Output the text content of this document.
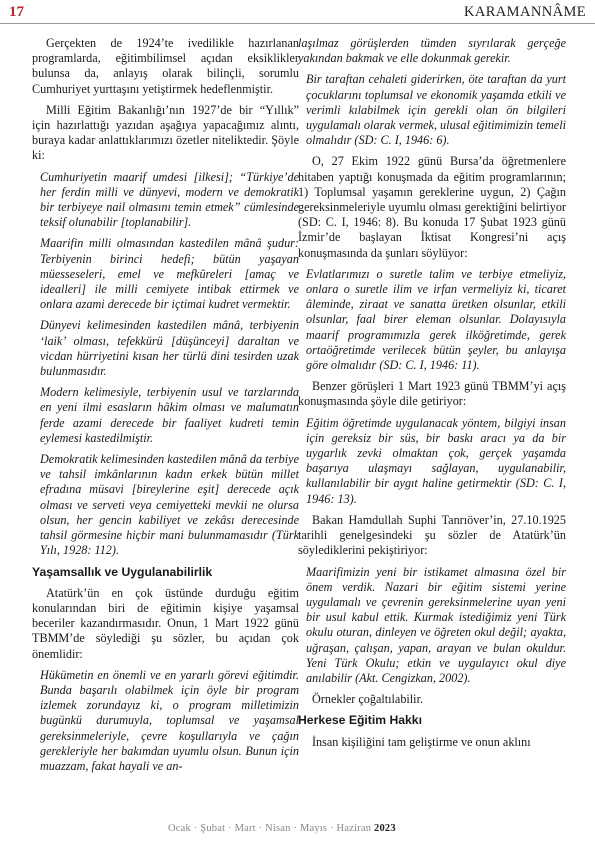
17	KARAMANNÂME

Gerçekten de 1924’te ivedilikle hazırlanan programlarda, eğitimbilimsel açıdan eksiklikler bulunsa da, anlayış olarak bilinçli, sorumlu Cumhuriyet yurttaşını yetiştirmek hedeflenmiştir.

Milli Eğitim Bakanlığı’nın 1927’de bir “Yıllık” için hazırlattığı yazıdan aşağıya yapacağımız alıntı, buraya kadar anlattıklarımızı özetler niteliktedir. Şöyle ki:

Cumhuriyetin maarif umdesi [ilkesi]; “Türkiye’de her ferdin milli ve dünyevi, modern ve demokratik bir terbiyeye nail olmasını temin etmek” cümlesinde teksif olunabilir [toplanabilir].

Maarifin milli olmasından kastedilen mânâ şudur: Terbiyenin birinci hedefi; bütün yaşayan müesseseleri, emel ve mefkûreleri [amaç ve idealleri] ile milli cemiyete intibak ettirmek ve onlara azami derecede bir içtimai kudret vermektir.

Dünyevi kelimesinden kastedilen mânâ, terbiyenin ‘laik’ olması, tefekkürü [düşünceyi] daraltan ve vicdan hürriyetini kısan her türlü dini tesirden uzak bulunmasıdır.

Modern kelimesiyle, terbiyenin usul ve tarzlarında en yeni ilmi esasların hâkim olması ve malumatın ferde azami derecede bir faaliyet kudreti temin eylemesi kastedilmiştir.

Demokratik kelimesinden kastedilen mânâ da terbiye ve tahsil imkânlarının kadın erkek bütün millet efradına müsavi [bireylerine eşit] derecede açık olması ve serveti veya cemiyetteki mevkii ne olursa olsun, her gencin kabiliyet ve zekâsı derecesinde tahsil görmesine hiçbir mani bulunmamasıdır (Türk Yılı, 1928: 112).

Yaşamsallık ve Uygulanabilirlik

Atatürk’ün en çok üstünde durduğu eğitim konularından biri de eğitimin kişiye yaşamsal beceriler kazandırmasıdır. Onun, 1 Mart 1922 günü TBMM’de söylediği şu sözler, bu açıdan çok önemlidir:

Hükümetin en önemli ve en yararlı görevi eğitimdir. Bunda başarılı olabilmek için öyle bir program izlemek zorundayız ki, o program milletimizin bugünkü durumuyla, toplumsal ve yaşamsal gereksinmeleriyle, çevre koşullarıyla ve çağın gerekleriyle her bakımdan uyumlu olsun. Bunun için muazzam, fakat hayali ve an-

laşılmaz görüşlerden tümden sıyrılarak gerçeğe yakından bakmak ve elle dokunmak gerekir.

Bir taraftan cehaleti giderirken, öte taraftan da yurt çocuklarını toplumsal ve ekonomik yaşamda etkili ve verimli kılabilmek için gerekli olan ön bilgileri uygulamalı olarak vermek, ulusal eğitimimizin temeli olmalıdır (SD: C. I, 1946: 6).

O, 27 Ekim 1922 günü Bursa’da öğretmenlere hitaben yaptığı konuşmada da eğitim programlarının; 1) Toplumsal yaşamın gereklerine uygun, 2) Çağın gereksinmeleriyle uyumlu olması gerektiğini belirtiyor (SD: C. I, 1946: 8). Bu konuda 17 Şubat 1923 günü İzmir’de başlayan İktisat Kongresi’ni açış konuşmasında da şunları söylüyor:

Evlatlarımızı o suretle talim ve terbiye etmeliyiz, onlara o suretle ilim ve irfan vermeliyiz ki, ticaret âleminde, ziraat ve sanatta üretken olsunlar, etkili olsunlar, faal birer eleman olsunlar. Dolayısıyla maarif programımızla gerek ilköğretimde, gerek ortaöğretimde verilecek bütün şeyler, bu anlayışa göre olmalıdır (SD: C. I, 1946: 11).

Benzer görüşleri 1 Mart 1923 günü TBMM’yi açış konuşmasında şöyle dile getiriyor:

Eğitim öğretimde uygulanacak yöntem, bilgiyi insan için gereksiz bir süs, bir baskı aracı ya da bir uygarlık zevki olmaktan çok, gerçek yaşamda başarıya ulaşmayı sağlayan, uygulanabilir, kullanılabilir bir aygıt haline getirmektir (SD: C. I, 1946: 13).

Bakan Hamdullah Suphi Tanrıöver’in, 27.10.1925 tarihli genelgesindeki şu sözler de Atatürk’ün söylediklerini pekiştiriyor:

Maarifimizin yeni bir istikamet almasına özel bir önem verdik. Nazari bir eğitim sistemi yerine uygulamalı ve çevrenin gereksinmelerine uyan yeni bir usul kabul ettik. Kurmak istediğimiz yeni Türk okulu oturan, dinleyen ve öğreten okul değil; ayakta, uğraşan, çalışan, yapan, arayan ve bulan okuldur. Yeni Türk Okulu; etkin ve uygulayıcı okul diye anılabilir (Akt. Cengizkan, 2002).

Örnekler çoğaltılabilir.

Herkese Eğitim Hakkı

İnsan kişiliğini tam geliştirme ve onun aklını

Ocak · Şubat · Mart · Nisan · Mayıs · Haziran 2023
